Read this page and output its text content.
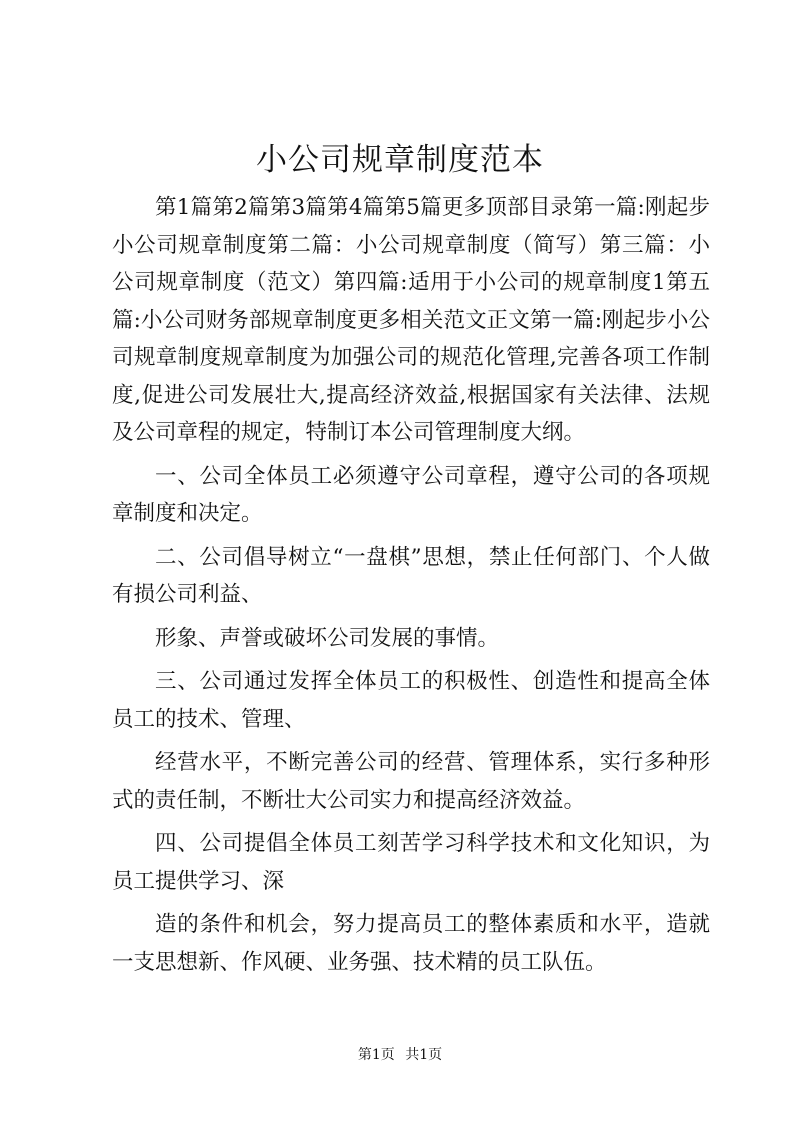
小公司规章制度范本

第1篇第2篇第3篇第4篇第5篇更多顶部目录第一篇:刚起步小公司规章制度第二篇：小公司规章制度（简写）第三篇：小公司规章制度（范文）第四篇:适用于小公司的规章制度1第五篇:小公司财务部规章制度更多相关范文正文第一篇:刚起步小公司规章制度规章制度为加强公司的规范化管理,完善各项工作制度,促进公司发展壮大,提高经济效益,根据国家有关法律、法规及公司章程的规定，特制订本公司管理制度大纲。

一、公司全体员工必须遵守公司章程，遵守公司的各项规章制度和决定。

二、公司倡导树立“一盘棋”思想，禁止任何部门、个人做有损公司利益、

形象、声誉或破坏公司发展的事情。

三、公司通过发挥全体员工的积极性、创造性和提高全体员工的技术、管理、

经营水平，不断完善公司的经营、管理体系，实行多种形式的责任制，不断壮大公司实力和提高经济效益。

四、公司提倡全体员工刻苦学习科学技术和文化知识，为员工提供学习、深

造的条件和机会，努力提高员工的整体素质和水平，造就一支思想新、作风硬、业务强、技术精的员工队伍。

第1页 共1页
